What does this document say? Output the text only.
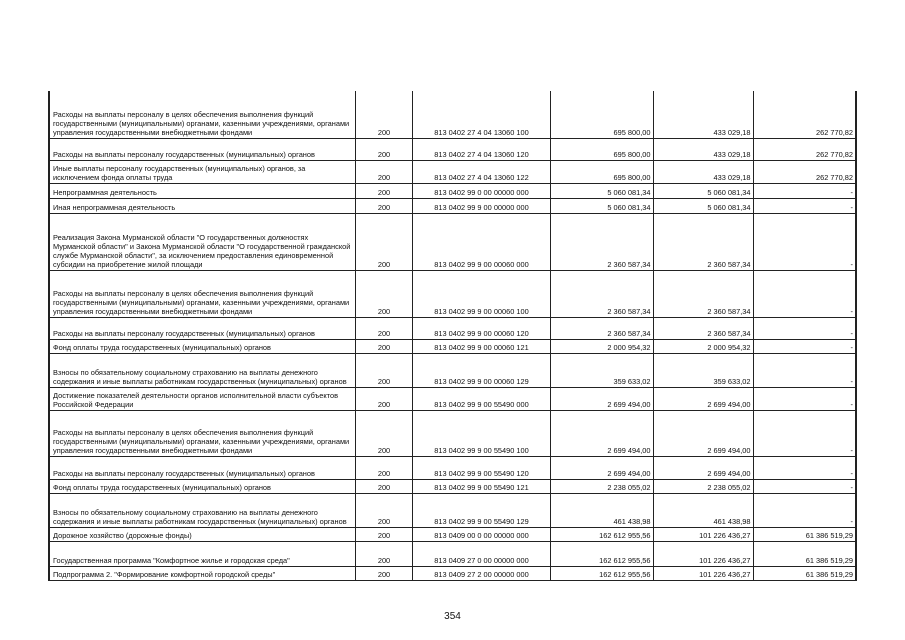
Расходы на выплаты персоналу в целях обеспечения выполнения функций государственными (муниципальными) органами, казенными учреждениями, органами управления государственными внебюджетными фондами	200	813 0402 27 4 04 13060 100	695 800,00	433 029,18	262 770,82
Расходы на выплаты персоналу государственных (муниципальных) органов	200	813 0402 27 4 04 13060 120	695 800,00	433 029,18	262 770,82
Иные выплаты персоналу государственных (муниципальных) органов, за исключением фонда оплаты труда	200	813 0402 27 4 04 13060 122	695 800,00	433 029,18	262 770,82
Непрограммная деятельность	200	813 0402 99 0 00 00000 000	5 060 081,34	5 060 081,34	-
Иная непрограммная деятельность	200	813 0402 99 9 00 00000 000	5 060 081,34	5 060 081,34	-
Реализация Закона Мурманской области "О государственных должностях Мурманской области" и Закона Мурманской области "О государственной гражданской службе Мурманской области", за исключением предоставления единовременной субсидии на приобретение жилой площади	200	813 0402 99 9 00 00060 000	2 360 587,34	2 360 587,34	-
Расходы на выплаты персоналу в целях обеспечения выполнения функций государственными (муниципальными) органами, казенными учреждениями, органами управления государственными внебюджетными фондами	200	813 0402 99 9 00 00060 100	2 360 587,34	2 360 587,34	-
Расходы на выплаты персоналу государственных (муниципальных) органов	200	813 0402 99 9 00 00060 120	2 360 587,34	2 360 587,34	-
Фонд оплаты труда государственных (муниципальных) органов	200	813 0402 99 9 00 00060 121	2 000 954,32	2 000 954,32	-
Взносы по обязательному социальному страхованию на выплаты денежного содержания и иные выплаты работникам государственных (муниципальных) органов	200	813 0402 99 9 00 00060 129	359 633,02	359 633,02	-
Достижение показателей деятельности органов исполнительной власти субъектов Российской Федерации	200	813 0402 99 9 00 55490 000	2 699 494,00	2 699 494,00	-
Расходы на выплаты персоналу в целях обеспечения выполнения функций государственными (муниципальными) органами, казенными учреждениями, органами управления государственными внебюджетными фондами	200	813 0402 99 9 00 55490 100	2 699 494,00	2 699 494,00	-
Расходы на выплаты персоналу государственных (муниципальных) органов	200	813 0402 99 9 00 55490 120	2 699 494,00	2 699 494,00	-
Фонд оплаты труда государственных (муниципальных) органов	200	813 0402 99 9 00 55490 121	2 238 055,02	2 238 055,02	-
Взносы по обязательному социальному страхованию на выплаты денежного содержания и иные выплаты работникам государственных (муниципальных) органов	200	813 0402 99 9 00 55490 129	461 438,98	461 438,98	-
Дорожное хозяйство (дорожные фонды)	200	813 0409 00 0 00 00000 000	162 612 955,56	101 226 436,27	61 386 519,29
Государственная программа "Комфортное жилье и городская среда"	200	813 0409 27 0 00 00000 000	162 612 955,56	101 226 436,27	61 386 519,29
Подпрограмма 2. "Формирование комфортной городской среды"	200	813 0409 27 2 00 00000 000	162 612 955,56	101 226 436,27	61 386 519,29
354
